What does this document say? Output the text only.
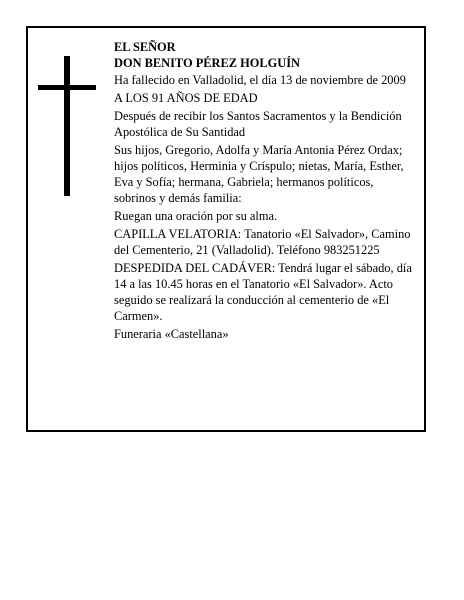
EL SEÑOR

DON BENITO PÉREZ HOLGUÍN

Ha fallecido en Valladolid, el día 13 de noviembre de 2009

A LOS 91 AÑOS DE EDAD

Después de recibir los Santos Sacramentos y la Bendición Apostólica de Su Santidad

Sus hijos, Gregorio, Adolfa y María Antonia Pérez Ordax; hijos políticos, Herminia y Críspulo; nietas, María, Esther, Eva y Sofía; hermana, Gabriela; hermanos políticos, sobrinos y demás familia:

Ruegan una oración por su alma.

CAPILLA VELATORIA: Tanatorio «El Salvador», Camino del Cementerio, 21 (Valladolid). Teléfono 983251225

DESPEDIDA DEL CADÁVER: Tendrá lugar el sábado, día 14 a las 10.45 horas en el Tanatorio «El Salvador». Acto seguido se realizará la conducción al cementerio de «El Carmen».

Funeraria «Castellana»
